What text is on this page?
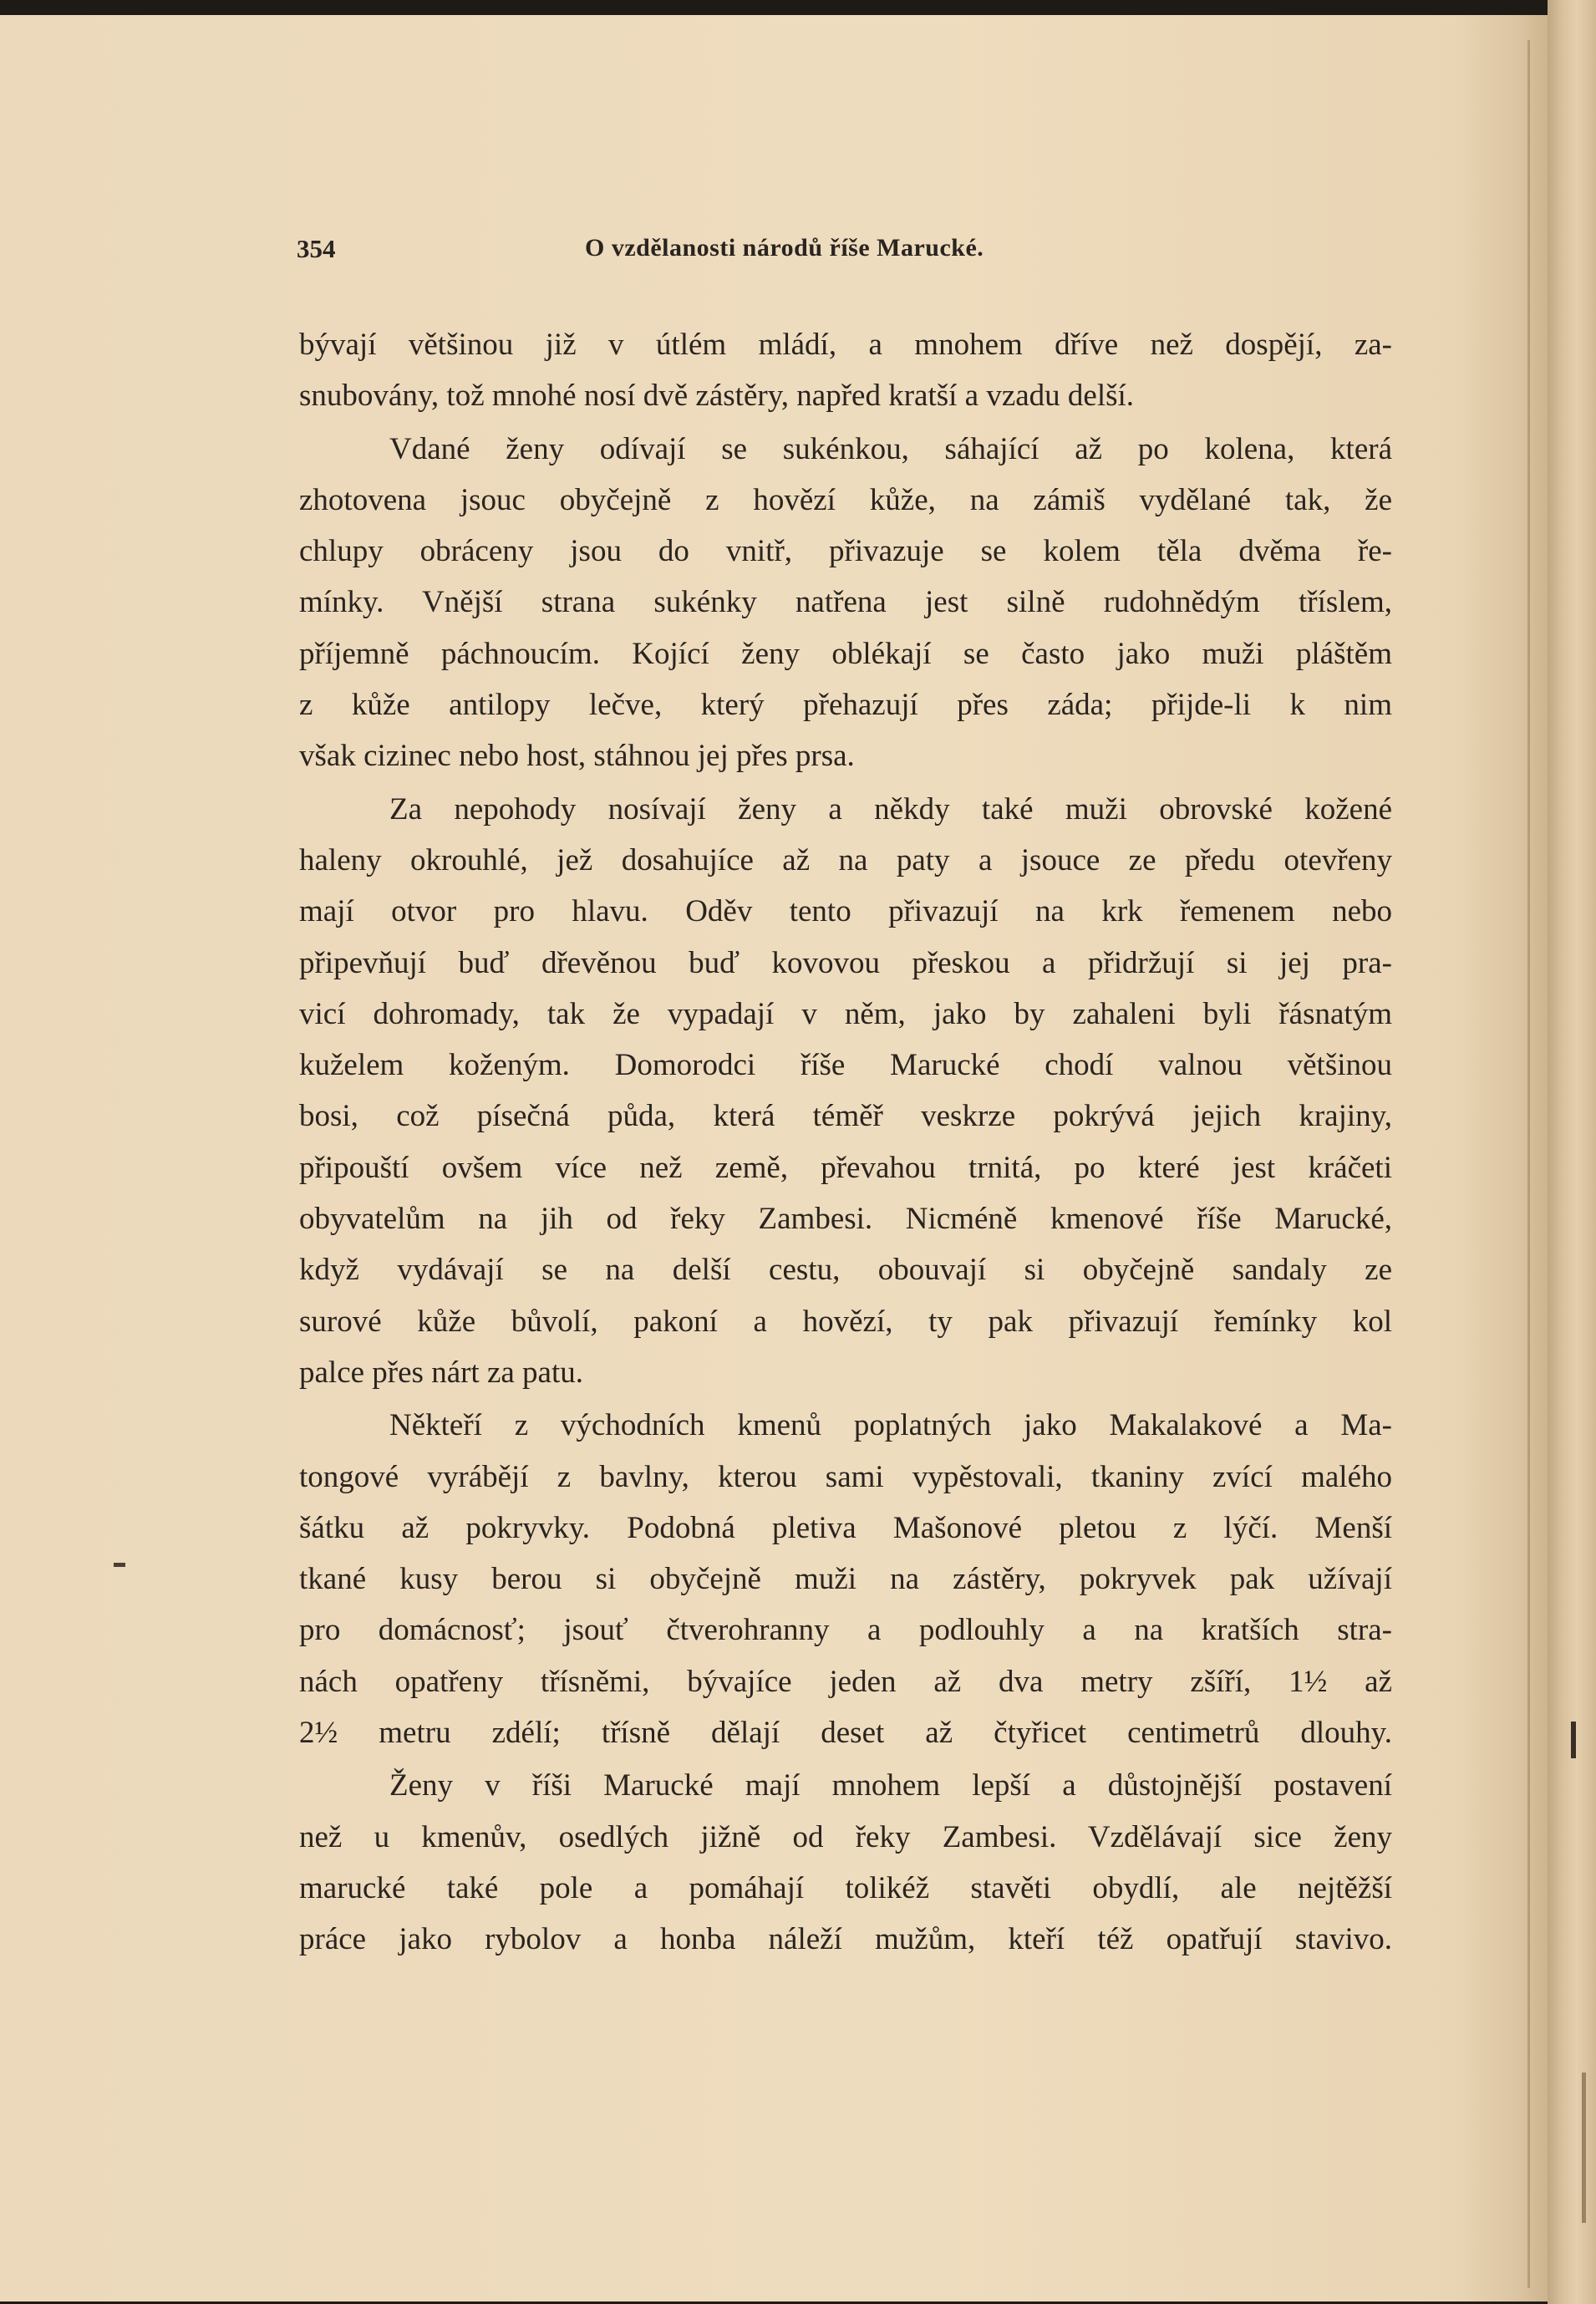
354	O vzdělanosti národů říše Marucké.
bývají většinou již v útlém mládí, a mnohem dříve než dospějí, za-
snubovány, tož mnohé nosí dvě zástěry, napřed kratší a vzadu delší.
Vdané ženy odívají se sukénkou, sáhající až po kolena, která
zhotovena jsouc obyčejně z hovězí kůže, na zámiš vydělané tak, že
chlupy obráceny jsou do vnitř, přivazuje se kolem těla dvěma ře-
mínky. Vnější strana sukénky natřena jest silně rudohnědým tříslem,
příjemně páchnoucím. Kojící ženy oblékají se často jako muži pláštěm
z kůže antilopy lečve, který přehazují přes záda; přijde-li k nim
však cizinec nebo host, stáhnou jej přes prsa.
Za nepohody nosívají ženy a někdy také muži obrovské kožené
haleny okrouhlé, jež dosahujíce až na paty a jsouce ze předu otevřeny
mají otvor pro hlavu. Oděv tento přivazují na krk řemenem nebo
připevňují buď dřevěnou buď kovovou přeskou a přidržují si jej pra-
vicí dohromady, tak že vypadají v něm, jako by zahaleni byli řásnatým
kuželem koženým. Domorodci říše Marucké chodí valnou většinou
bosi, což písečná půda, která téměř veskrze pokrývá jejich krajiny,
připouští ovšem více než země, převahou trnitá, po které jest kráčeti
obyvatelům na jih od řeky Zambesi. Nicméně kmenové říše Marucké,
když vydávají se na delší cestu, obouvají si obyčejně sandaly ze
surové kůže bůvolí, pakoní a hovězí, ty pak přivazují řemínky kol
palce přes nárt za patu.
Někteří z východních kmenů poplatných jako Makalakové a Ma-
tongové vyrábějí z bavlny, kterou sami vypěstovali, tkaniny zvící malého
šátku až pokryvky. Podobná pletiva Mašonové pletou z lýčí. Menší
tkané kusy berou si obyčejně muži na zástěry, pokryvek pak užívají
pro domácnosť; jsouť čtverohranny a podlouhly a na kratších stra-
nách opatřeny třísněmi, bývajíce jeden až dva metry zšíří, 1½ až
2½ metru zdélí; třísně dělají deset až čtyřicet centimetrů dlouhy.
Ženy v říši Marucké mají mnohem lepší a důstojnější postavení
než u kmenův, osedlých jižně od řeky Zambesi. Vzdělávají sice ženy
marucké také pole a pomáhají tolikéž stavěti obydlí, ale nejtěžší
práce jako rybolov a honba náleží mužům, kteří též opatřují stavivo.
